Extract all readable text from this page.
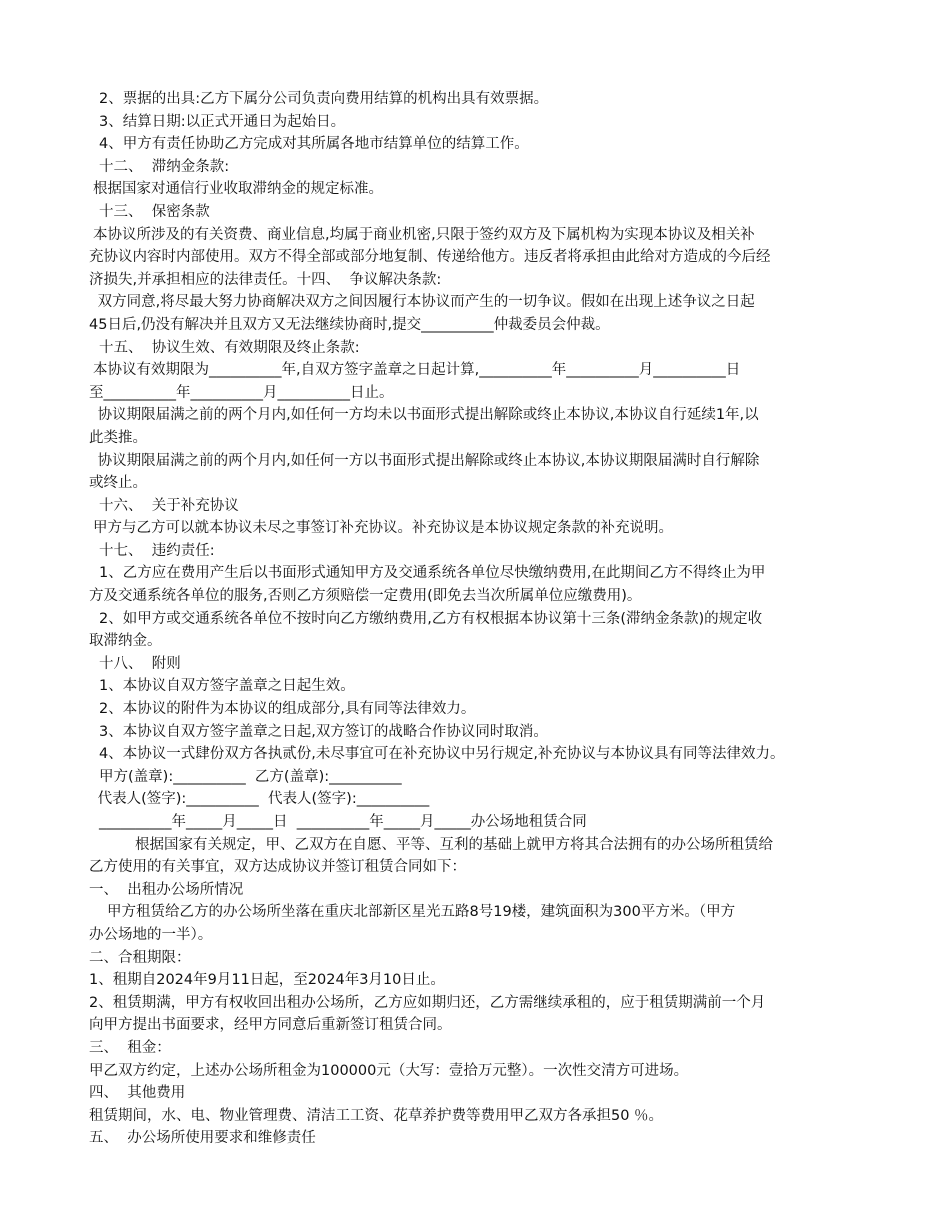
2、票据的出具:乙方下属分公司负责向费用结算的机构出具有效票据。

3、结算日期:以正式开通日为起始日。

4、甲方有责任协助乙方完成对其所属各地市结算单位的结算工作。

十二、  滞纳金条款:

根据国家对通信行业收取滞纳金的规定标准。

十三、  保密条款

本协议所涉及的有关资费、商业信息,均属于商业机密,只限于签约双方及下属机构为实现本协议及相关补

充协议内容时内部使用。双方不得全部或部分地复制、传递给他方。违反者将承担由此给对方造成的今后经

济损失,并承担相应的法律责任。十四、  争议解决条款:

双方同意,将尽最大努力协商解决双方之间因履行本协议而产生的一切争议。假如在出现上述争议之日起

45日后,仍没有解决并且双方又无法继续协商时,提交__________仲裁委员会仲裁。

十五、  协议生效、有效期限及终止条款:

本协议有效期限为__________年,自双方签字盖章之日起计算,__________年__________月__________日

至__________年__________月__________日止。

协议期限届满之前的两个月内,如任何一方均未以书面形式提出解除或终止本协议,本协议自行延续1年,以

此类推。

协议期限届满之前的两个月内,如任何一方以书面形式提出解除或终止本协议,本协议期限届满时自行解除

或终止。

十六、  关于补充协议

甲方与乙方可以就本协议未尽之事签订补充协议。补充协议是本协议规定条款的补充说明。

十七、  违约责任:

1、乙方应在费用产生后以书面形式通知甲方及交通系统各单位尽快缴纳费用,在此期间乙方不得终止为甲

方及交通系统各单位的服务,否则乙方须赔偿一定费用(即免去当次所属单位应缴费用)。

2、如甲方或交通系统各单位不按时向乙方缴纳费用,乙方有权根据本协议第十三条(滞纳金条款)的规定收

取滞纳金。

十八、  附则

1、本协议自双方签字盖章之日起生效。

2、本协议的附件为本协议的组成部分,具有同等法律效力。

3、本协议自双方签字盖章之日起,双方签订的战略合作协议同时取消。

4、本协议一式肆份双方各执贰份,未尽事宜可在补充协议中另行规定,补充协议与本协议具有同等法律效力。

甲方(盖章):__________  乙方(盖章):__________

代表人(签字):__________  代表人(签字):__________

__________年_____月_____日  __________年_____月_____办公场地租赁合同

根据国家有关规定，甲、乙双方在自愿、平等、互利的基础上就甲方将其合法拥有的办公场所租赁给

乙方使用的有关事宜，双方达成协议并签订租赁合同如下：

一、  出租办公场所情况

甲方租赁给乙方的办公场所坐落在重庆北部新区星光五路8号19楼，建筑面积为300平方米。（甲方

办公场地的一半）。

二、合租期限：

1、租期自2024年9月11日起，至2024年3月10日止。

2、租赁期满，甲方有权收回出租办公场所，乙方应如期归还，乙方需继续承租的，应于租赁期满前一个月

向甲方提出书面要求，经甲方同意后重新签订租赁合同。

三、  租金：

甲乙双方约定，上述办公场所租金为100000元（大写：壹拾万元整）。一次性交清方可进场。

四、  其他费用

租赁期间，水、电、物业管理费、清洁工工资、花草养护费等费用甲乙双方各承担50 ％。

五、  办公场所使用要求和维修责任
